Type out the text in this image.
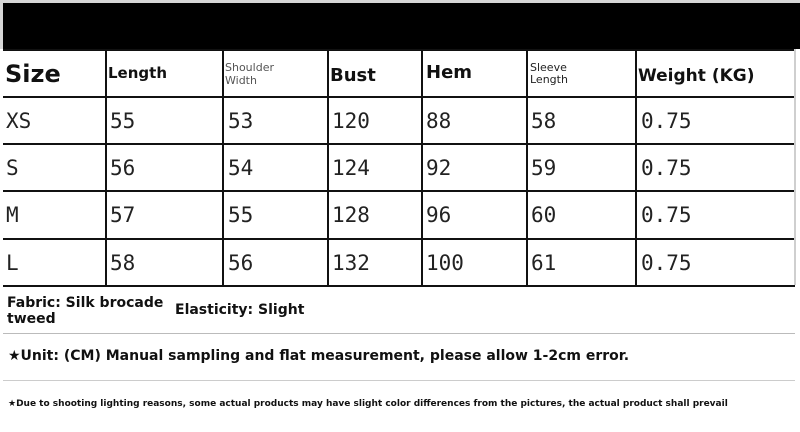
Size	Length	Shoulder Width	Bust	Hem	Sleeve Length	Weight (KG)
XS	55	53	120	88	58	0.75
S	56	54	124	92	59	0.75
M	57	55	128	96	60	0.75
L	58	56	132	100	61	0.75
Fabric: Silk brocade tweed
Elasticity: Slight
★Unit: (CM) Manual sampling and flat measurement, please allow 1-2cm error.
★Due to shooting lighting reasons, some actual products may have slight color differences from the pictures, the actual product shall prevail
